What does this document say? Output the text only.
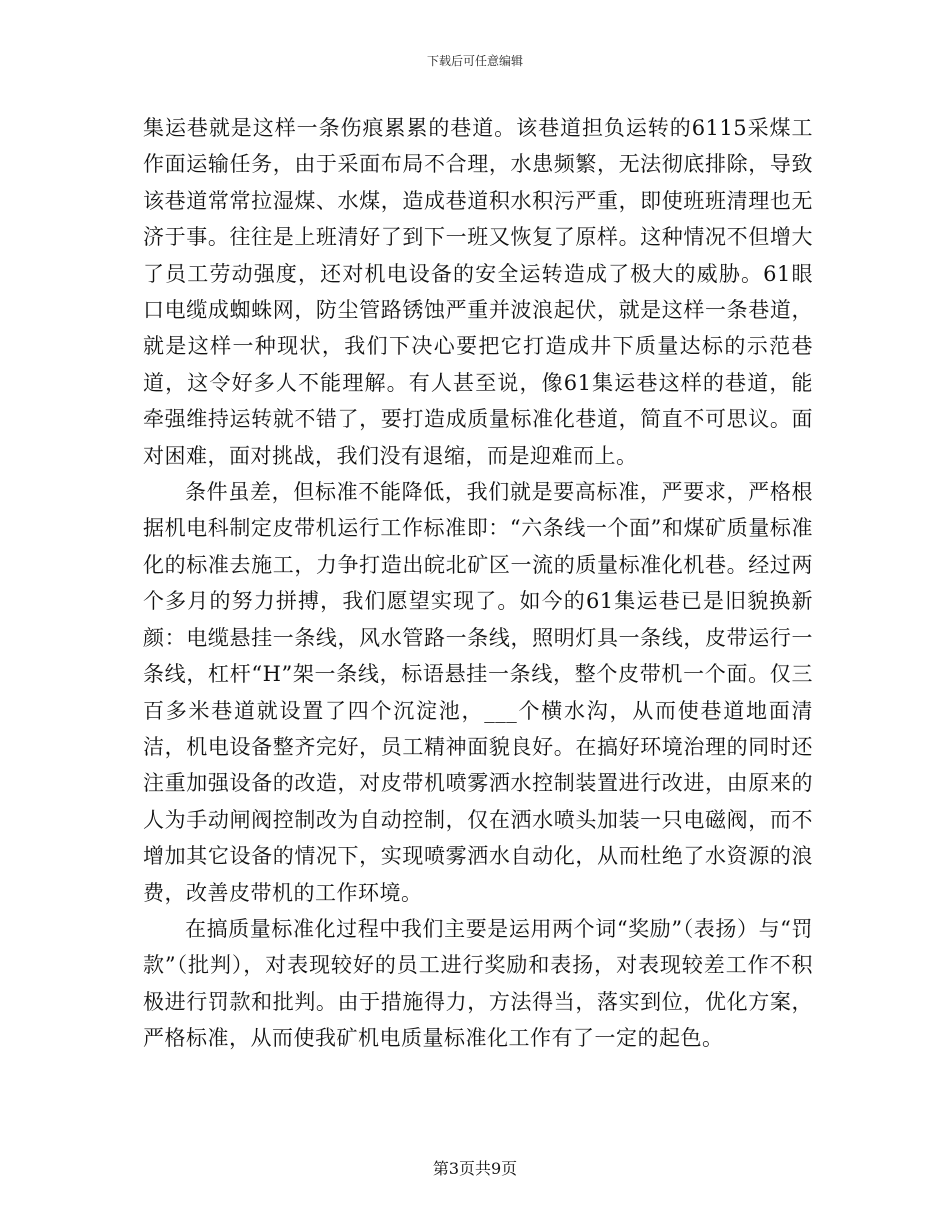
下载后可任意编辑

集运巷就是这样一条伤痕累累的巷道。该巷道担负运转的6115采煤工作面运输任务，由于采面布局不合理，水患频繁，无法彻底排除，导致该巷道常常拉湿煤、水煤，造成巷道积水积污严重，即使班班清理也无济于事。往往是上班清好了到下一班又恢复了原样。这种情况不但增大了员工劳动强度，还对机电设备的安全运转造成了极大的威胁。61眼口电缆成蜘蛛网，防尘管路锈蚀严重并波浪起伏，就是这样一条巷道，就是这样一种现状，我们下决心要把它打造成井下质量达标的示范巷道，这令好多人不能理解。有人甚至说，像61集运巷这样的巷道，能牵强维持运转就不错了，要打造成质量标准化巷道，简直不可思议。面对困难，面对挑战，我们没有退缩，而是迎难而上。

条件虽差，但标准不能降低，我们就是要高标准，严要求，严格根据机电科制定皮带机运行工作标准即：“六条线一个面”和煤矿质量标准化的标准去施工，力争打造出皖北矿区一流的质量标准化机巷。经过两个多月的努力拼搏，我们愿望实现了。如今的61集运巷已是旧貌换新颜：电缆悬挂一条线，风水管路一条线，照明灯具一条线，皮带运行一条线，杠杆“H”架一条线，标语悬挂一条线，整个皮带机一个面。仅三百多米巷道就设置了四个沉淀池，___个横水沟，从而使巷道地面清洁，机电设备整齐完好，员工精神面貌良好。在搞好环境治理的同时还注重加强设备的改造，对皮带机喷雾洒水控制装置进行改进，由原来的人为手动闸阀控制改为自动控制，仅在洒水喷头加装一只电磁阀，而不增加其它设备的情况下，实现喷雾洒水自动化，从而杜绝了水资源的浪费，改善皮带机的工作环境。

在搞质量标准化过程中我们主要是运用两个词“奖励”（表扬）与“罚款”（批判），对表现较好的员工进行奖励和表扬，对表现较差工作不积极进行罚款和批判。由于措施得力，方法得当，落实到位，优化方案，严格标准，从而使我矿机电质量标准化工作有了一定的起色。

第3页共9页
